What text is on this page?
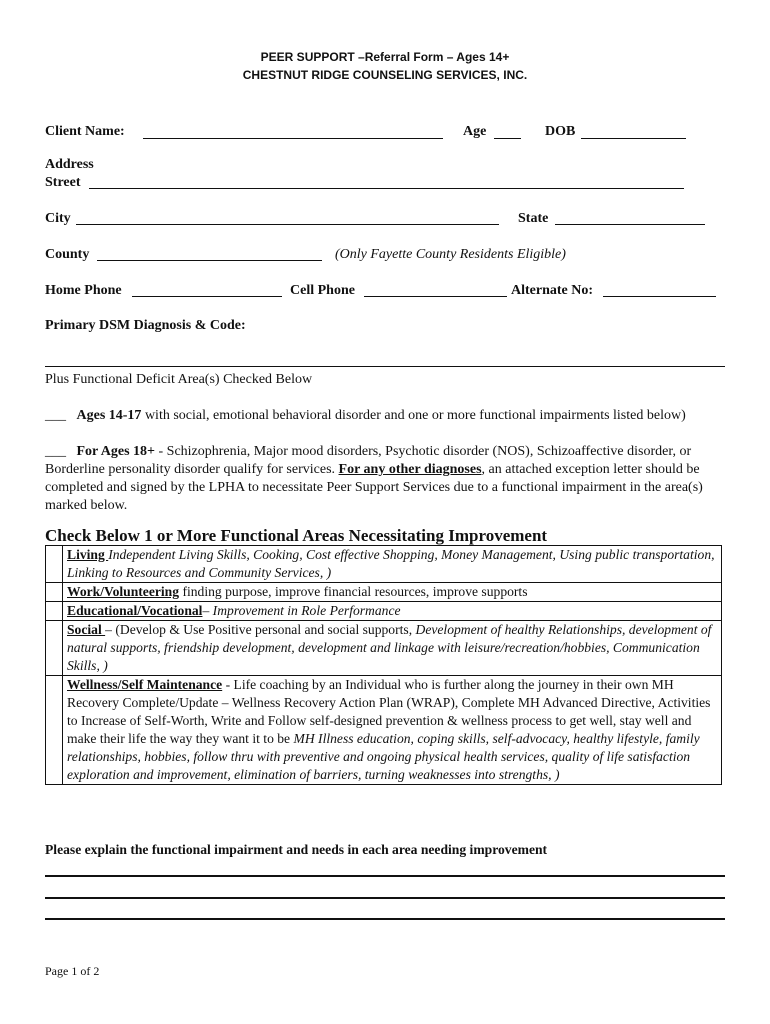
PEER SUPPORT –Referral Form – Ages 14+
CHESTNUT RIDGE COUNSELING SERVICES, INC.
Client Name:	Age	DOB
Address
Street
City	State
County	(Only Fayette County Residents Eligible)
Home Phone	Cell Phone	Alternate No:
Primary DSM Diagnosis & Code:
Plus Functional Deficit Area(s) Checked Below
___ Ages 14-17 with social, emotional behavioral disorder and one or more functional impairments listed below)
___ For Ages 18+ - Schizophrenia, Major mood disorders, Psychotic disorder (NOS), Schizoaffective disorder, or Borderline personality disorder qualify for services. For any other diagnoses, an attached exception letter should be completed and signed by the LPHA to necessitate Peer Support Services due to a functional impairment in the area(s) marked below.
Check Below 1 or More Functional Areas Necessitating Improvement
	Living Independent Living Skills, Cooking, Cost effective Shopping, Money Management, Using public transportation, Linking to Resources and Community Services, )
	Work/Volunteering finding purpose, improve financial resources, improve supports
	Educational/Vocational– Improvement in Role Performance
	Social – (Develop & Use Positive personal and social supports, Development of healthy Relationships, development of natural supports, friendship development, development and linkage with leisure/recreation/hobbies, Communication Skills, )
	Wellness/Self Maintenance - Life coaching by an Individual who is further along the journey in their own MH Recovery Complete/Update – Wellness Recovery Action Plan (WRAP), Complete MH Advanced Directive, Activities to Increase of Self-Worth, Write and Follow self-designed prevention & wellness process to get well, stay well and make their life the way they want it to be MH Illness education, coping skills, self-advocacy, healthy lifestyle, family relationships, hobbies, follow thru with preventive and ongoing physical health services, quality of life satisfaction exploration and improvement, elimination of barriers, turning weaknesses into strengths, )
Please explain the functional impairment and needs in each area needing improvement
Page 1 of 2
